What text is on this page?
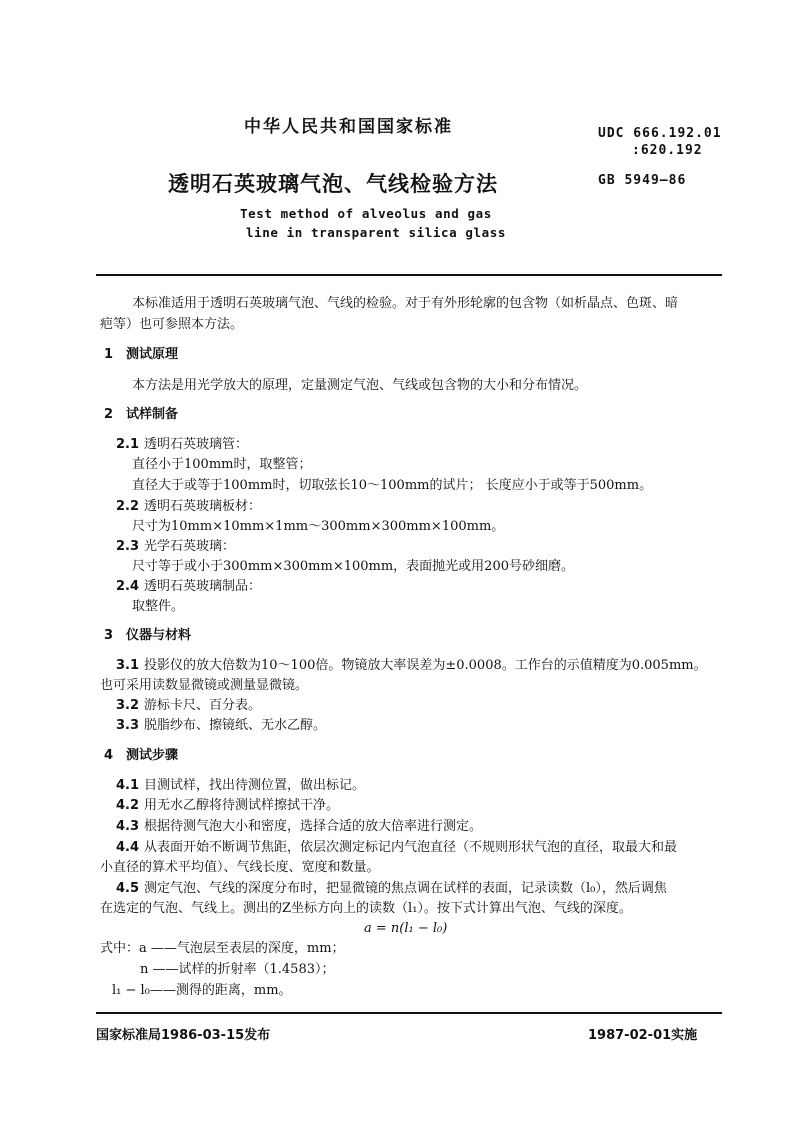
中华人民共和国国家标准	UDC 666.192.01
:620.192
透明石英玻璃气泡、气线检验方法	GB 5949—86
Test method of alveolus and gas
line in transparent silica glass
本标准适用于透明石英玻璃气泡、气线的检验。对于有外形轮廓的包含物（如析晶点、色斑、暗
疤等）也可参照本方法。
1 测试原理
本方法是用光学放大的原理，定量测定气泡、气线或包含物的大小和分布情况。
2 试样制备
2.1 透明石英玻璃管：
直径小于100mm时，取整管；
直径大于或等于100mm时，切取弦长10～100mm的试片； 长度应小于或等于500mm。
2.2 透明石英玻璃板材：
尺寸为10mm×10mm×1mm～300mm×300mm×100mm。
2.3 光学石英玻璃：
尺寸等于或小于300mm×300mm×100mm，表面抛光或用200号砂细磨。
2.4 透明石英玻璃制品：
取整件。
3 仪器与材料
3.1 投影仪的放大倍数为10～100倍。物镜放大率误差为±0.0008。工作台的示值精度为0.005mm。
也可采用读数显微镜或测量显微镜。
3.2 游标卡尺、百分表。
3.3 脱脂纱布、擦镜纸、无水乙醇。
4 测试步骤
4.1 目测试样，找出待测位置，做出标记。
4.2 用无水乙醇将待测试样擦拭干净。
4.3 根据待测气泡大小和密度，选择合适的放大倍率进行测定。
4.4 从表面开始不断调节焦距，依层次测定标记内气泡直径（不规则形状气泡的直径，取最大和最
小直径的算术平均值）、气线长度、宽度和数量。
4.5 测定气泡、气线的深度分布时，把显微镜的焦点调在试样的表面，记录读数（l₀），然后调焦
在选定的气泡、气线上。测出的Z坐标方向上的读数（l₁）。按下式计算出气泡、气线的深度。
a = n(l₁ − l₀)
式中：a ——气泡层至表层的深度，mm；
n ——试样的折射率（1.4583）；
l₁ − l₀——测得的距离，mm。
国家标准局1986-03-15发布	1987-02-01实施
